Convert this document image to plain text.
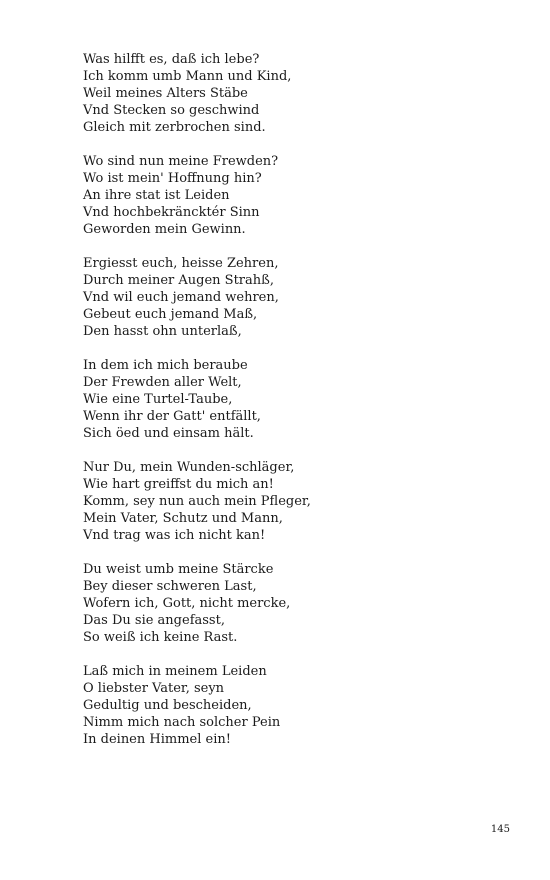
Was hilfft es, daß ich lebe?
Ich komm umb Mann und Kind,
Weil meines Alters Stäbe
Vnd Stecken so geschwind
Gleich mit zerbrochen sind.
Wo sind nun meine Frewden?
Wo ist mein' Hoffnung hin?
An ihre stat ist Leiden
Vnd hochbekräncktér Sinn
Geworden mein Gewinn.
Ergiesst euch, heisse Zehren,
Durch meiner Augen Strahß,
Vnd wil euch jemand wehren,
Gebeut euch jemand Maß,
Den hasst ohn unterlaß,
In dem ich mich beraube
Der Frewden aller Welt,
Wie eine Turtel-Taube,
Wenn ihr der Gatt' entfällt,
Sich öed und einsam hält.
Nur Du, mein Wunden-schläger,
Wie hart greiffst du mich an!
Komm, sey nun auch mein Pfleger,
Mein Vater, Schutz und Mann,
Vnd trag was ich nicht kan!
Du weist umb meine Stärcke
Bey dieser schweren Last,
Wofern ich, Gott, nicht mercke,
Das Du sie angefasst,
So weiß ich keine Rast.
Laß mich in meinem Leiden
O liebster Vater, seyn
Gedultig und bescheiden,
Nimm mich nach solcher Pein
In deinen Himmel ein!
145
